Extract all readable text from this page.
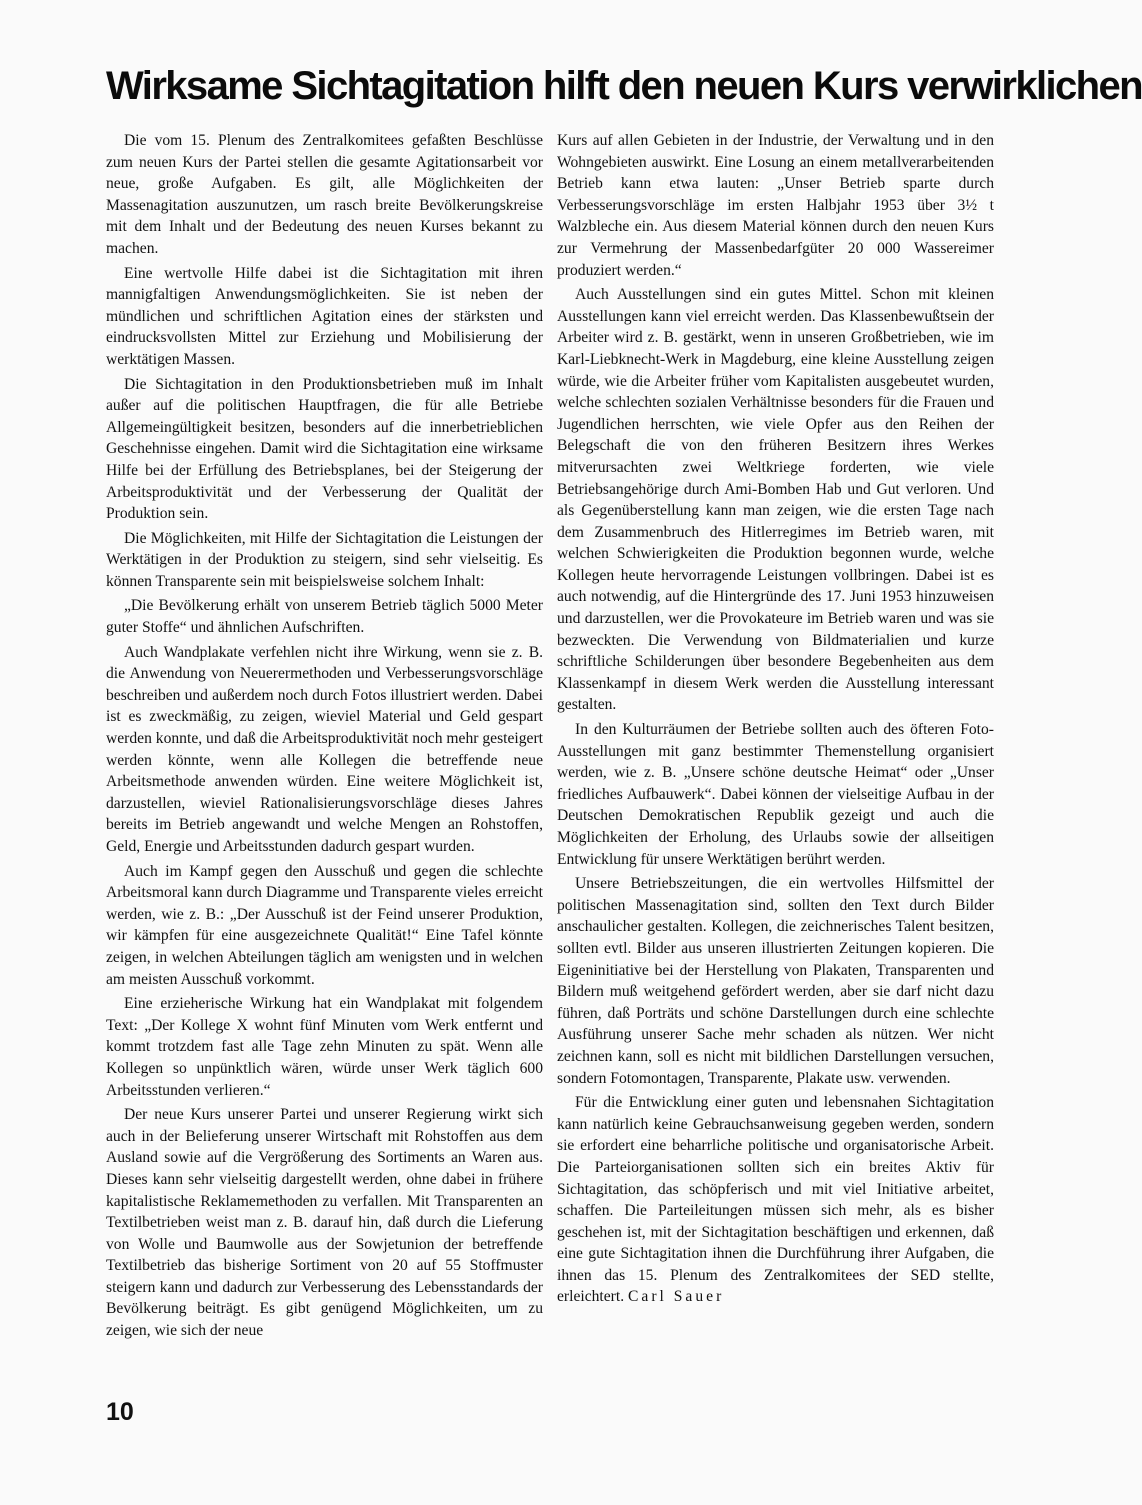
Wirksame Sichtagitation hilft den neuen Kurs verwirklichen

Die vom 15. Plenum des Zentralkomitees gefaßten Beschlüsse zum neuen Kurs der Partei stellen die gesamte Agitationsarbeit vor neue, große Aufgaben. Es gilt, alle Möglichkeiten der Massenagitation auszunutzen, um rasch breite Bevölkerungskreise mit dem Inhalt und der Bedeutung des neuen Kurses bekannt zu machen.

Eine wertvolle Hilfe dabei ist die Sichtagitation mit ihren mannigfaltigen Anwendungsmöglichkeiten. Sie ist neben der mündlichen und schriftlichen Agitation eines der stärksten und eindrucksvollsten Mittel zur Erziehung und Mobilisierung der werktätigen Massen.

Die Sichtagitation in den Produktionsbetrieben muß im Inhalt außer auf die politischen Hauptfragen, die für alle Betriebe Allgemeingültigkeit besitzen, besonders auf die innerbetrieblichen Geschehnisse eingehen. Damit wird die Sichtagitation eine wirksame Hilfe bei der Erfüllung des Betriebsplanes, bei der Steigerung der Arbeitsproduktivität und der Verbesserung der Qualität der Produktion sein.

Die Möglichkeiten, mit Hilfe der Sichtagitation die Leistungen der Werktätigen in der Produktion zu steigern, sind sehr vielseitig. Es können Transparente sein mit beispielsweise solchem Inhalt:

„Die Bevölkerung erhält von unserem Betrieb täglich 5000 Meter guter Stoffe“ und ähnlichen Aufschriften.

Auch Wandplakate verfehlen nicht ihre Wirkung, wenn sie z. B. die Anwendung von Neuerermethoden und Verbesserungsvorschläge beschreiben und außerdem noch durch Fotos illustriert werden. Dabei ist es zweckmäßig, zu zeigen, wieviel Material und Geld gespart werden konnte, und daß die Arbeitsproduktivität noch mehr gesteigert werden könnte, wenn alle Kollegen die betreffende neue Arbeitsmethode anwenden würden. Eine weitere Möglichkeit ist, darzustellen, wieviel Rationalisierungsvorschläge dieses Jahres bereits im Betrieb angewandt und welche Mengen an Rohstoffen, Geld, Energie und Arbeitsstunden dadurch gespart wurden.

Auch im Kampf gegen den Ausschuß und gegen die schlechte Arbeitsmoral kann durch Diagramme und Transparente vieles erreicht werden, wie z. B.: „Der Ausschuß ist der Feind unserer Produktion, wir kämpfen für eine ausgezeichnete Qualität!“ Eine Tafel könnte zeigen, in welchen Abteilungen täglich am wenigsten und in welchen am meisten Ausschuß vorkommt.

Eine erzieherische Wirkung hat ein Wandplakat mit folgendem Text: „Der Kollege X wohnt fünf Minuten vom Werk entfernt und kommt trotzdem fast alle Tage zehn Minuten zu spät. Wenn alle Kollegen so unpünktlich wären, würde unser Werk täglich 600 Arbeitsstunden verlieren.“

Der neue Kurs unserer Partei und unserer Regierung wirkt sich auch in der Belieferung unserer Wirtschaft mit Rohstoffen aus dem Ausland sowie auf die Vergrößerung des Sortiments an Waren aus. Dieses kann sehr vielseitig dargestellt werden, ohne dabei in frühere kapitalistische Reklamemethoden zu verfallen. Mit Transparenten an Textilbetrieben weist man z. B. darauf hin, daß durch die Lieferung von Wolle und Baumwolle aus der Sowjetunion der betreffende Textilbetrieb das bisherige Sortiment von 20 auf 55 Stoffmuster steigern kann und dadurch zur Verbesserung des Lebensstandards der Bevölkerung beiträgt. Es gibt genügend Möglichkeiten, um zu zeigen, wie sich der neue

Kurs auf allen Gebieten in der Industrie, der Verwaltung und in den Wohngebieten auswirkt. Eine Losung an einem metallverarbeitenden Betrieb kann etwa lauten: „Unser Betrieb sparte durch Verbesserungsvorschläge im ersten Halbjahr 1953 über 3½ t Walzbleche ein. Aus diesem Material können durch den neuen Kurs zur Vermehrung der Massenbedarfgüter 20 000 Wassereimer produziert werden.“

Auch Ausstellungen sind ein gutes Mittel. Schon mit kleinen Ausstellungen kann viel erreicht werden. Das Klassenbewußtsein der Arbeiter wird z. B. gestärkt, wenn in unseren Großbetrieben, wie im Karl-Liebknecht-Werk in Magdeburg, eine kleine Ausstellung zeigen würde, wie die Arbeiter früher vom Kapitalisten ausgebeutet wurden, welche schlechten sozialen Verhältnisse besonders für die Frauen und Jugendlichen herrschten, wie viele Opfer aus den Reihen der Belegschaft die von den früheren Besitzern ihres Werkes mitverursachten zwei Weltkriege forderten, wie viele Betriebsangehörige durch Ami-Bomben Hab und Gut verloren. Und als Gegenüberstellung kann man zeigen, wie die ersten Tage nach dem Zusammenbruch des Hitlerregimes im Betrieb waren, mit welchen Schwierigkeiten die Produktion begonnen wurde, welche Kollegen heute hervorragende Leistungen vollbringen. Dabei ist es auch notwendig, auf die Hintergründe des 17. Juni 1953 hinzuweisen und darzustellen, wer die Provokateure im Betrieb waren und was sie bezweckten. Die Verwendung von Bildmaterialien und kurze schriftliche Schilderungen über besondere Begebenheiten aus dem Klassenkampf in diesem Werk werden die Ausstellung interessant gestalten.

In den Kulturräumen der Betriebe sollten auch des öfteren Foto-Ausstellungen mit ganz bestimmter Themenstellung organisiert werden, wie z. B. „Unsere schöne deutsche Heimat“ oder „Unser friedliches Aufbauwerk“. Dabei können der vielseitige Aufbau in der Deutschen Demokratischen Republik gezeigt und auch die Möglichkeiten der Erholung, des Urlaubs sowie der allseitigen Entwicklung für unsere Werktätigen berührt werden.

Unsere Betriebszeitungen, die ein wertvolles Hilfsmittel der politischen Massenagitation sind, sollten den Text durch Bilder anschaulicher gestalten. Kollegen, die zeichnerisches Talent besitzen, sollten evtl. Bilder aus unseren illustrierten Zeitungen kopieren. Die Eigeninitiative bei der Herstellung von Plakaten, Transparenten und Bildern muß weitgehend gefördert werden, aber sie darf nicht dazu führen, daß Porträts und schöne Darstellungen durch eine schlechte Ausführung unserer Sache mehr schaden als nützen. Wer nicht zeichnen kann, soll es nicht mit bildlichen Darstellungen versuchen, sondern Fotomontagen, Transparente, Plakate usw. verwenden.

Für die Entwicklung einer guten und lebensnahen Sichtagitation kann natürlich keine Gebrauchsanweisung gegeben werden, sondern sie erfordert eine beharrliche politische und organisatorische Arbeit. Die Parteiorganisationen sollten sich ein breites Aktiv für Sichtagitation, das schöpferisch und mit viel Initiative arbeitet, schaffen. Die Parteileitungen müssen sich mehr, als es bisher geschehen ist, mit der Sichtagitation beschäftigen und erkennen, daß eine gute Sichtagitation ihnen die Durchführung ihrer Aufgaben, die ihnen das 15. Plenum des Zentralkomitees der SED stellte, erleichtert. Carl Sauer

10
